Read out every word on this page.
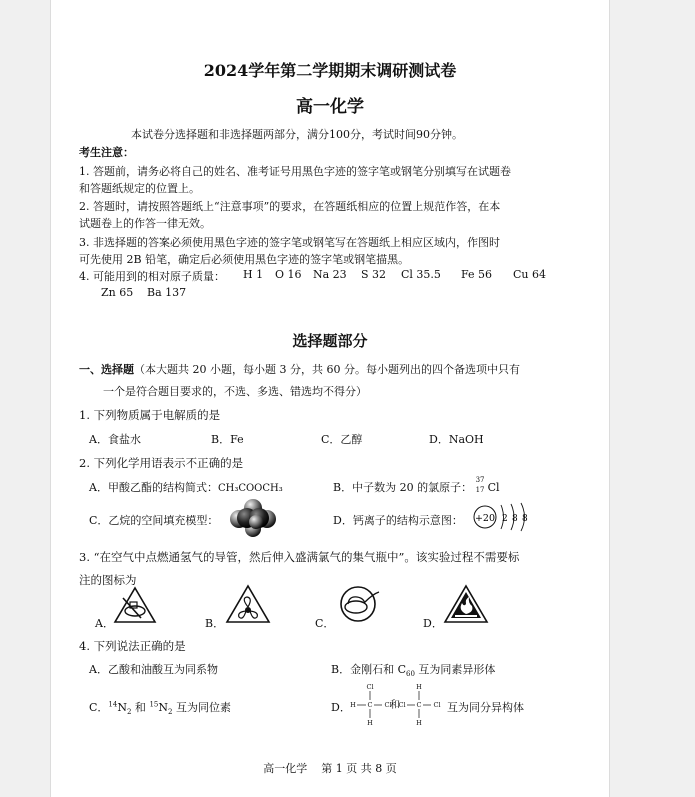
2024学年第二学期期末调研测试卷
高一化学
本试卷分选择题和非选择题两部分，满分100分，考试时间90分钟。
考生注意：
1. 答题前，请务必将自己的姓名、准考证号用黑色字迹的签字笔或钢笔分别填写在试题卷
和答题纸规定的位置上。
2. 答题时，请按照答题纸上“注意事项”的要求，在答题纸相应的位置上规范作答，在本
试题卷上的作答一律无效。
3. 非选择题的答案必须使用黑色字迹的签字笔或钢笔写在答题纸上相应区域内，作图时
可先使用 2B 铅笔，确定后必须使用黑色字迹的签字笔或钢笔描黑。
4. 可能用到的相对原子质量： H 1 O 16 Na 23 S 32 Cl 35.5 Fe 56 Cu 64
Zn 65 Ba 137
选择题部分
一、选择题（本大题共 20 小题，每小题 3 分，共 60 分。每小题列出的四个备选项中只有
一个是符合题目要求的，不选、多选、错选均不得分）
1. 下列物质属于电解质的是
A．食盐水	B．Fe	C．乙醇	D．NaOH
2. 下列化学用语表示不正确的是
A．甲酸乙酯的结构简式：CH₃COOCH₃	B．中子数为 20 的氯原子：
37
17 Cl
C．乙烷的空间填充模型：	D．钙离子的结构示意图： +20 2 8 8
3. “在空气中点燃通氢气的导管，然后伸入盛满氯气的集气瓶中”。该实验过程不需要标
注的图标为
A．	B．	C．	D．
4. 下列说法正确的是
A．乙酸和油酸互为同系物	B．金刚石和 $C_{60}$ 互为同素异形体
C．$^{14}N_2$ 和 $^{15}N_2$ 互为同位素	D．
Cl
H C Cl
H
H
Cl C Cl
H
和	互为同分异构体
高一化学    第 1 页 共 8 页
